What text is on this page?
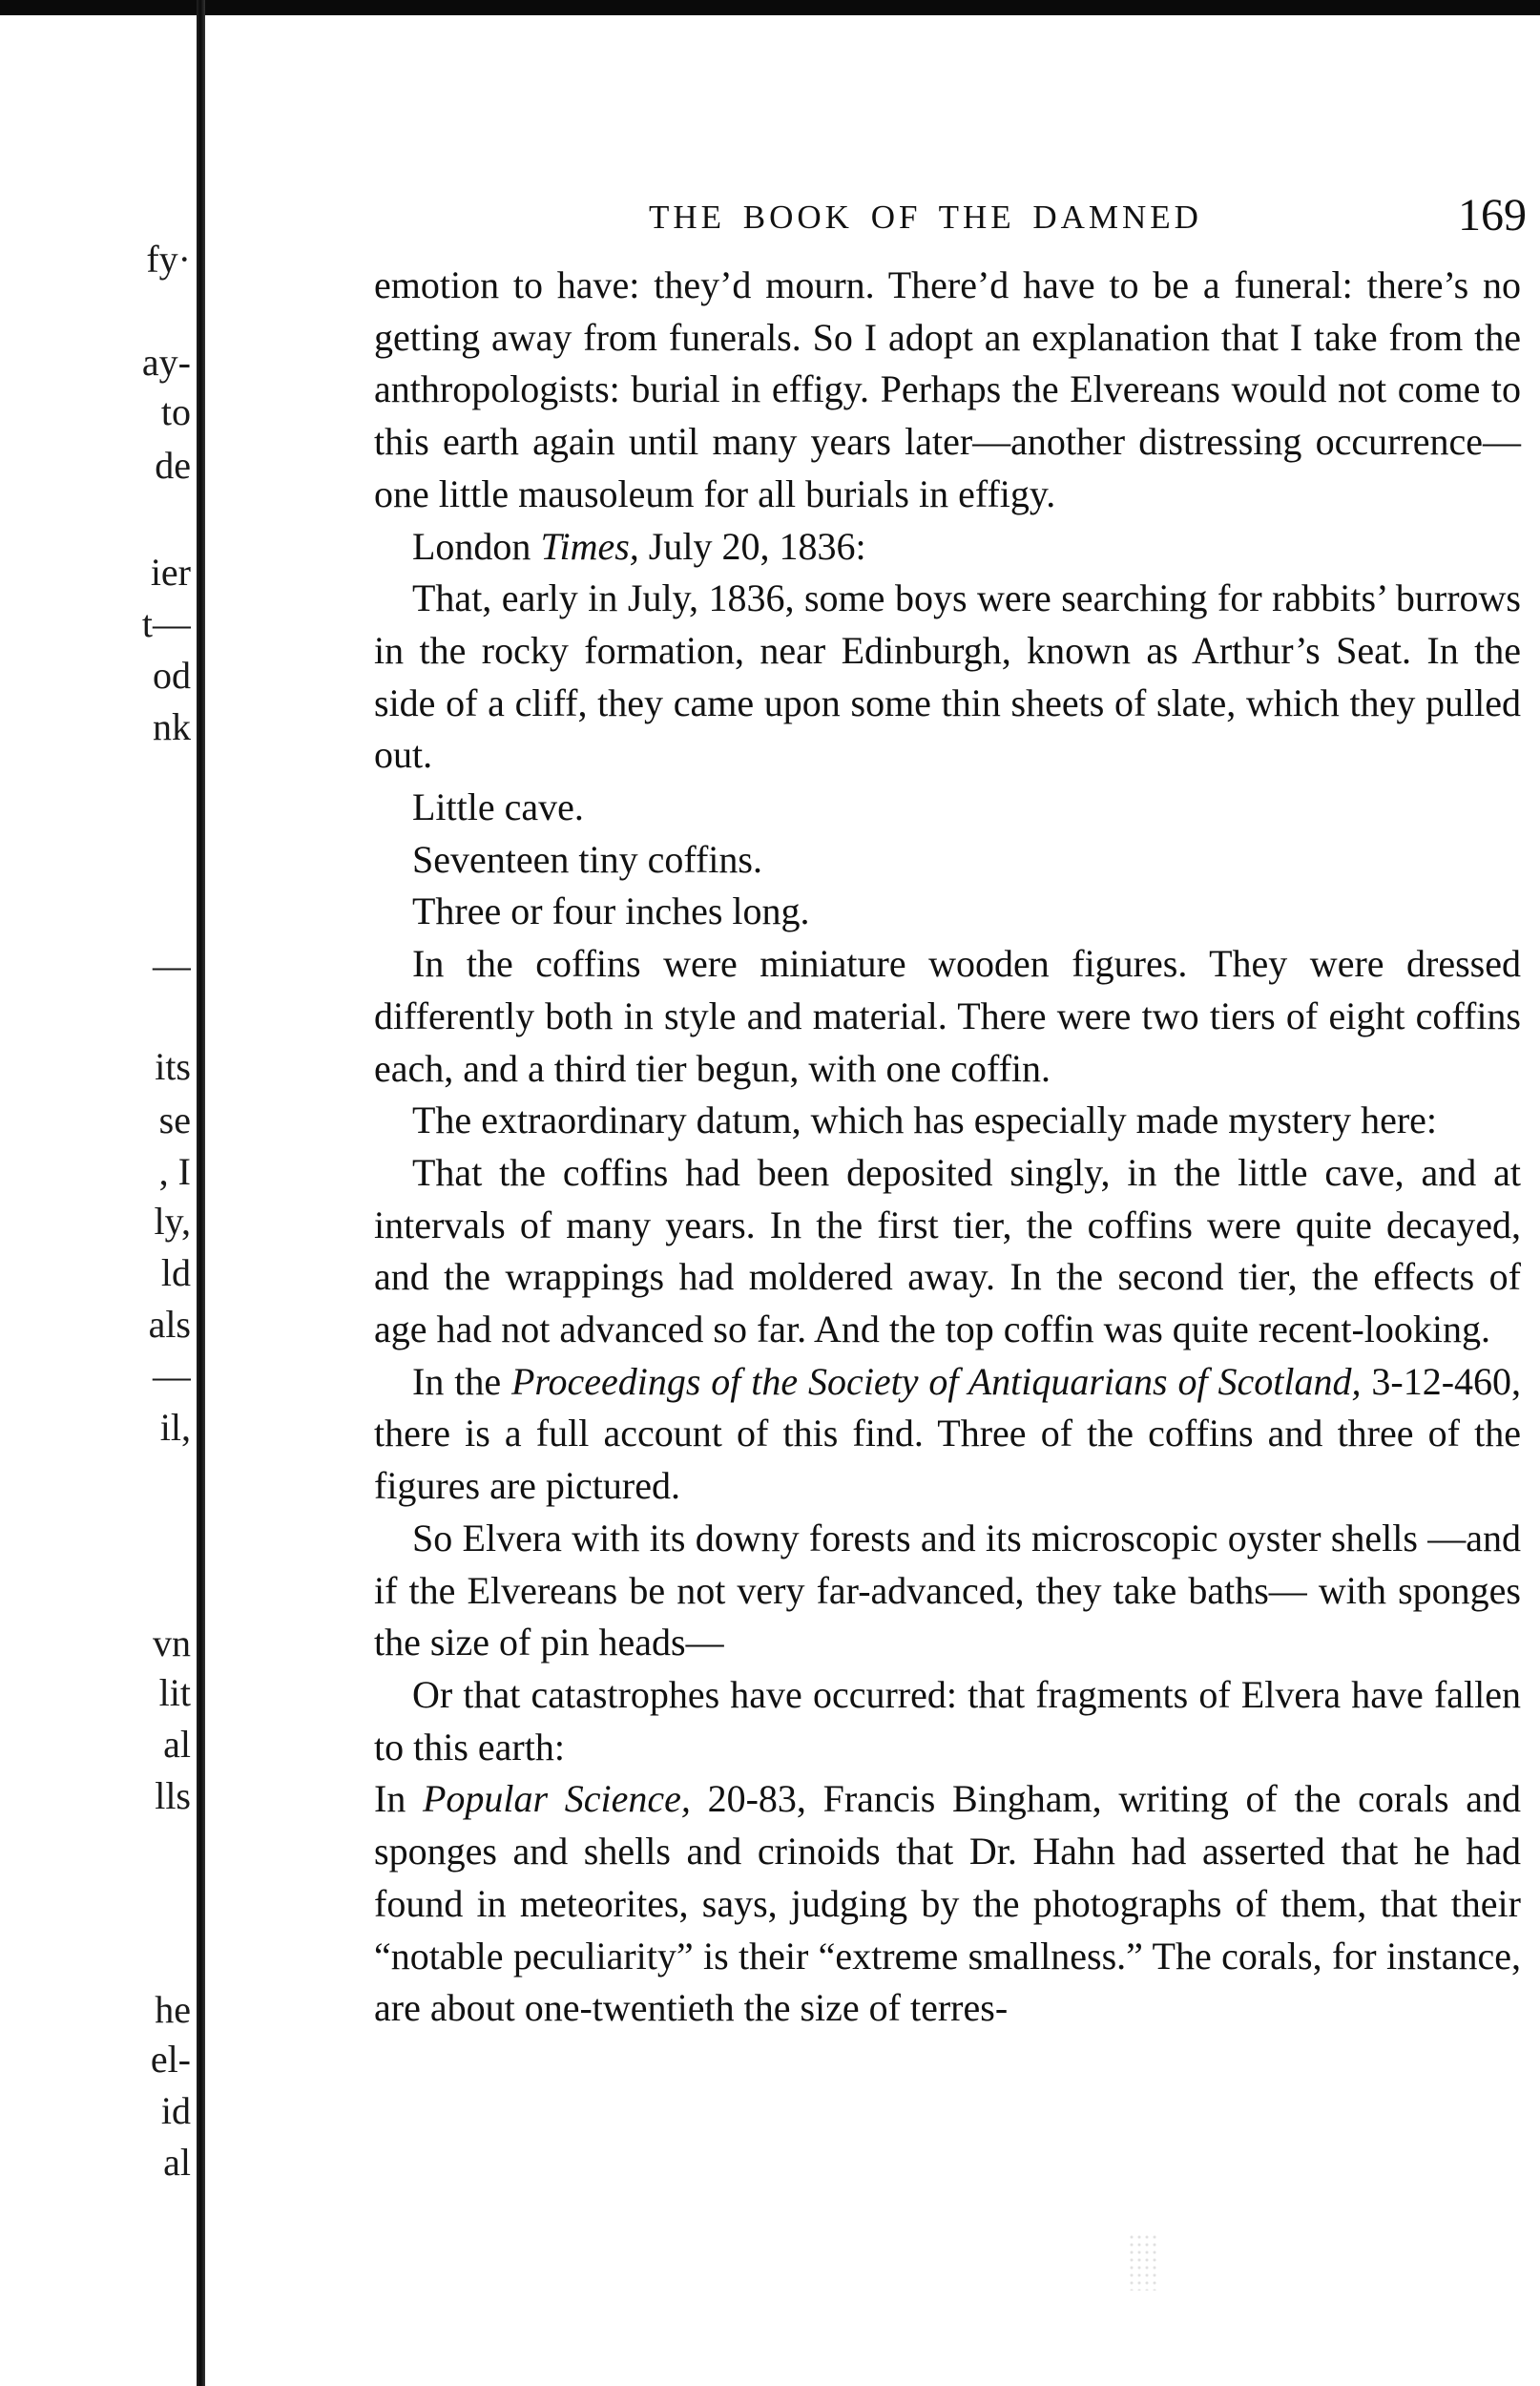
fy·
ay-
to
de
ier
t—
od
nk
—
its
se
, I
ly,
ld
als
—
il,
vn
lit
al
lls
he
el-
id
al
THE BOOK OF THE DAMNED	169

emotion to have: they’d mourn. There’d have to be a funeral: there’s no getting away from funerals. So I adopt an explanation that I take from the anthropologists: burial in effigy. Perhaps the Elvereans would not come to this earth again until many years later—another distressing occurrence—one little mausoleum for all burials in effigy.

London Times, July 20, 1836:

That, early in July, 1836, some boys were searching for rabbits’ burrows in the rocky formation, near Edinburgh, known as Arthur’s Seat. In the side of a cliff, they came upon some thin sheets of slate, which they pulled out.

Little cave.

Seventeen tiny coffins.

Three or four inches long.

In the coffins were miniature wooden figures. They were dressed differently both in style and material. There were two tiers of eight coffins each, and a third tier begun, with one coffin.

The extraordinary datum, which has especially made mystery here:

That the coffins had been deposited singly, in the little cave, and at intervals of many years. In the first tier, the coffins were quite decayed, and the wrappings had moldered away. In the second tier, the effects of age had not advanced so far. And the top coffin was quite recent-looking.

In the Proceedings of the Society of Antiquarians of Scotland, 3-12-460, there is a full account of this find. Three of the coffins and three of the figures are pictured.

So Elvera with its downy forests and its microscopic oyster shells —and if the Elvereans be not very far-advanced, they take baths— with sponges the size of pin heads—

Or that catastrophes have occurred: that fragments of Elvera have fallen to this earth:

In Popular Science, 20-83, Francis Bingham, writing of the corals and sponges and shells and crinoids that Dr. Hahn had asserted that he had found in meteorites, says, judging by the photographs of them, that their “notable peculiarity” is their “extreme smallness.” The corals, for instance, are about one-twentieth the size of terres-
